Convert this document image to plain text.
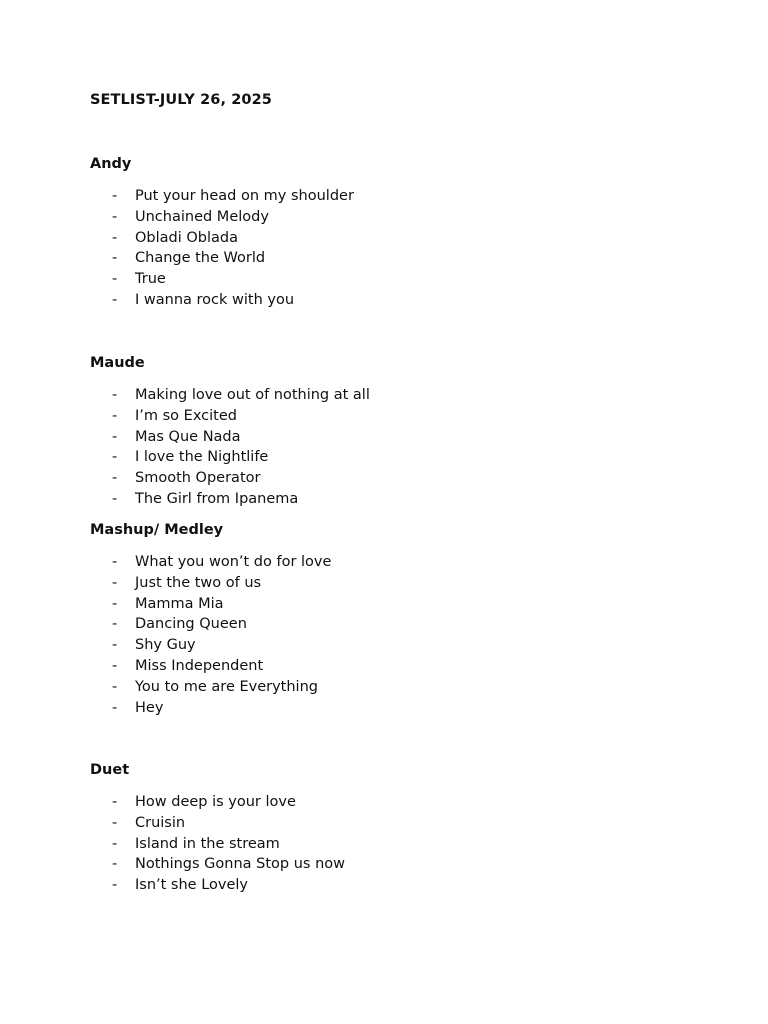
SETLIST-JULY 26, 2025
Andy
- Put your head on my shoulder
- Unchained Melody
- Obladi Oblada
- Change the World
- True
- I wanna rock with you
Maude
- Making love out of nothing at all
- I’m so Excited
- Mas Que Nada
- I love the Nightlife
- Smooth Operator
- The Girl from Ipanema
Mashup/ Medley
- What you won’t do for love
- Just the two of us
- Mamma Mia
- Dancing Queen
- Shy Guy
- Miss Independent
- You to me are Everything
- Hey
Duet
- How deep is your love
- Cruisin
- Island in the stream
- Nothings Gonna Stop us now
- Isn’t she Lovely
